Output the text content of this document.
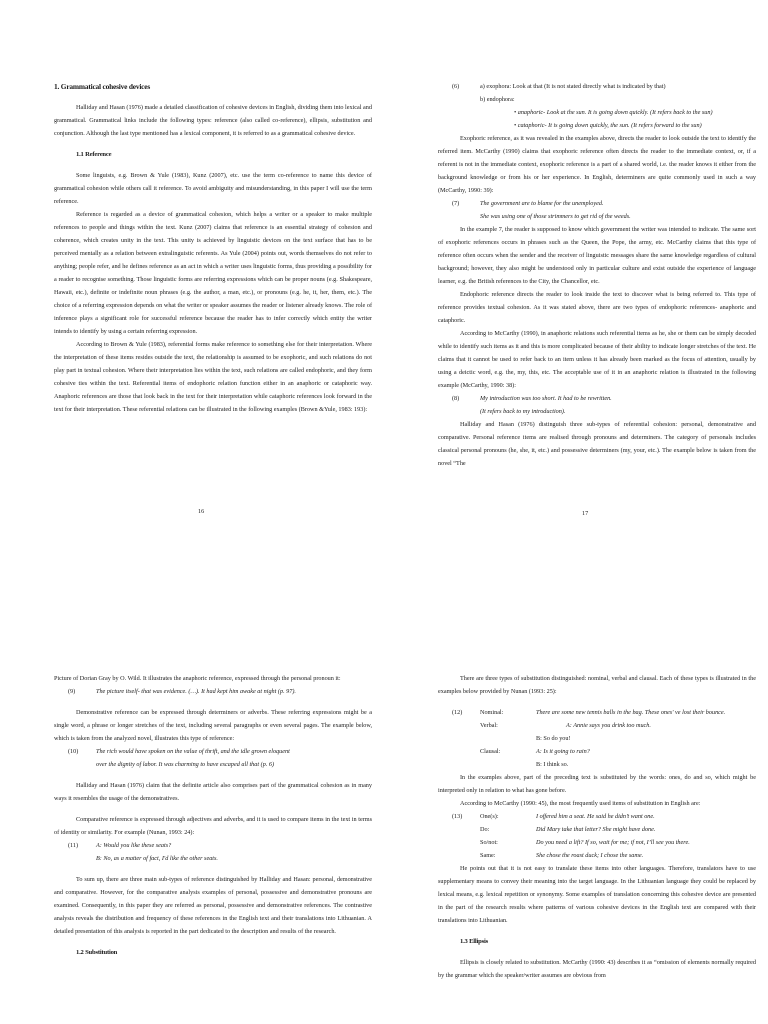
1. Grammatical cohesive devices

Halliday and Hasan (1976) made a detailed classification of cohesive devices in English, dividing them into lexical and grammatical. Grammatical links include the following types: reference (also called co-reference), ellipsis, substitution and conjunction. Although the last type mentioned has a lexical component, it is referred to as a grammatical cohesive device.

1.1 Reference

Some linguists, e.g. Brown & Yule (1983), Kunz (2007), etc. use the term co-reference to name this device of grammatical cohesion while others call it reference. To avoid ambiguity and misunderstanding, in this paper I will use the term reference.

Reference is regarded as a device of grammatical cohesion, which helps a writer or a speaker to make multiple references to people and things within the text. Kunz (2007) claims that reference is an essential strategy of cohesion and coherence, which creates unity in the text. This unity is achieved by linguistic devices on the text surface that has to be perceived mentally as a relation between extralinguistic referents. As Yule (2004) points out, words themselves do not refer to anything; people refer, and he defines reference as an act in which a writer uses linguistic forms, thus providing a possibility for a reader to recognise something. Those linguistic forms are referring expressions which can be proper nouns (e.g. Shakespeare, Hawaii, etc.), definite or indefinite noun phrases (e.g. the author, a man, etc.), or pronouns (e.g. he, it, her, them, etc.). The choice of a referring expression depends on what the writer or speaker assumes the reader or listener already knows. The role of inference plays a significant role for successful reference because the reader has to infer correctly which entity the writer intends to identify by using a certain referring expression.

According to Brown & Yule (1983), referential forms make reference to something else for their interpretation. Where the interpretation of these items resides outside the text, the relationship is assumed to be exophoric, and such relations do not play part in textual cohesion. Where their interpretation lies within the text, such relations are called endophoric, and they form cohesive ties within the text. Referential items of endophoric relation function either in an anaphoric or cataphoric way. Anaphoric references are those that look back in the text for their interpretation while cataphoric references look forward in the text for their interpretation. These referential relations can be illustrated in the following examples (Brown &Yule, 1983: 193):

16
(6)	a) exophora: Look at that (It is not stated directly what is indicated by that)
b) endophora:
• anaphoric- Look at the sun. It is going down quickly. (It refers back to the sun)
• cataphoric- It is going down quickly, the sun. (It refers forward to the sun)

Exophoric reference, as it was revealed in the examples above, directs the reader to look outside the text to identify the referred item. McCarthy (1990) claims that exophoric reference often directs the reader to the immediate context, or, if a referent is not in the immediate context, exophoric reference is a part of a shared world, i.e. the reader knows it either from the background knowledge or from his or her experience. In English, determiners are quite commonly used in such a way (McCarthy, 1990: 39):

(7)	The government are to blame for the unemployed.
She was using one of those strimmers to get rid of the weeds.

In the example 7, the reader is supposed to know which government the writer was intended to indicate. The same sort of exophoric references occurs in phrases such as the Queen, the Pope, the army, etc. McCarthy claims that this type of reference often occurs when the sender and the receiver of linguistic messages share the same knowledge regardless of cultural background; however, they also might be understood only in particular culture and exist outside the experience of language learner, e.g. the British references to the City, the Chancellor, etc.

Endophoric reference directs the reader to look inside the text to discover what is being referred to. This type of reference provides textual cohesion. As it was stated above, there are two types of endophoric references- anaphoric and cataphoric.

According to McCarthy (1990), in anaphoric relations such referential items as he, she or them can be simply decoded while to identify such items as it and this is more complicated because of their ability to indicate longer stretches of the text. He claims that it cannot be used to refer back to an item unless it has already been marked as the focus of attention, usually by using a deictic word, e.g. the, my, this, etc. The acceptable use of it in an anaphoric relation is illustrated in the following example (McCarthy, 1990: 38):

(8)	My introduction was too short. It had to be rewritten.
(It refers back to my introduction).

Halliday and Hasan (1976) distinguish three sub-types of referential cohesion: personal, demonstrative and comparative. Personal reference items are realised through pronouns and determiners. The category of personals includes classical personal pronouns (he, she, it, etc.) and possessive determiners (my, your, etc.). The example below is taken from the novel “The

17

Picture of Dorian Gray by O. Wild. It illustrates the anaphoric reference, expressed through the personal pronoun it:

(9)	The picture itself- that was evidence. (…). It had kept him awake at night (p. 97).

Demonstrative reference can be expressed through determiners or adverbs. These referring expressions might be a single word, a phrase or longer stretches of the text, including several paragraphs or even several pages. The example below, which is taken from the analyzed novel, illustrates this type of reference:

(10)	The rich would have spoken on the value of thrift, and the idle grown eloquent
over the dignity of labor. It was charming to have escaped all that (p. 6)

Halliday and Hasan (1976) claim that the definite article also comprises part of the grammatical cohesion as in many ways it resembles the usage of the demonstratives.

Comparative reference is expressed through adjectives and adverbs, and it is used to compare items in the text in terms of identity or similarity. For example (Nunan, 1993: 24):

(11)	A: Would you like these seats?
B: No, as a matter of fact, I'd like the other seats.

To sum up, there are three main sub-types of reference distinguished by Halliday and Hasan: personal, demonstrative and comparative. However, for the comparative analysis examples of personal, possessive and demonstrative pronouns are examined. Consequently, in this paper they are referred as personal, possessive and demonstrative references. The contrastive analysis reveals the distribution and frequency of these references in the English text and their translations into Lithuanian. A detailed presentation of this analysis is reported in the part dedicated to the description and results of the research.

1.2 Substitution

There are three types of substitution distinguished: nominal, verbal and clausal. Each of these types is illustrated in the examples below provided by Nunan (1993: 25):

(12)	Nominal:	There are some new tennis balls in the bag. These ones' ve lost their bounce.
Verbal:	A: Annie says you drink too much.
B: So do you!
Clausal:	A: Is it going to rain?
B: I think so.

In the examples above, part of the preceding text is substituted by the words: ones, do and so, which might be interpreted only in relation to what has gone before.

According to McCarthy (1990: 45), the most frequently used items of substitution in English are:

(13)	One(s):	I offered him a seat. He said he didn’t want one.
Do:	Did Mary take that letter? She might have done.
So/not:	Do you need a lift? If so, wait for me; if not, I’ll see you there.
Same:	She chose the roast duck; I chose the same.

He points out that it is not easy to translate these items into other languages. Therefore, translators have to use supplementary means to convey their meaning into the target language. In the Lithuanian language they could be replaced by lexical means, e.g. lexical repetition or synonymy. Some examples of translation concerning this cohesive device are presented in the part of the research results where patterns of various cohesive devices in the English text are compared with their translations into Lithuanian.

1.3 Ellipsis

Ellipsis is closely related to substitution. McCarthy (1990: 43) describes it as “omission of elements normally required by the grammar which the speaker/writer assumes are obvious from
